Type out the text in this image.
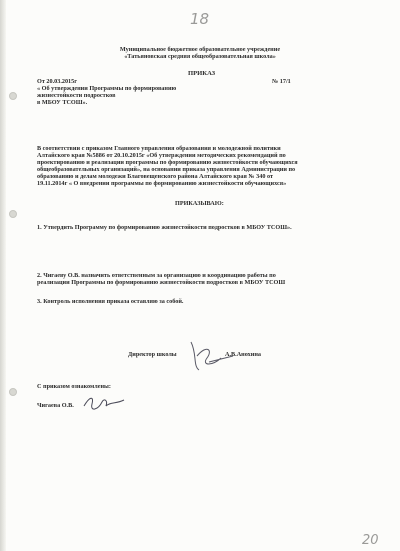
18
20
Муниципальное бюджетное образовательное учреждение
«Татьяновская средняя общеобразовательная школа»
ПРИКАЗ
От 20.03.2015г	№ 17/1
« Об утверждении Программы по формированию
жизнестойкости подростков
в МБОУ ТСОШ».
В соответствии с приказом Главного управления образования и молодежной политики
Алтайского края №5886 от 20.10.2015г «Об утверждении методических рекомендаций по
проектированию и реализации программы по формированию жизнестойкости обучающихся
общеобразовательных организаций», на основании приказа управления Администрации по
образованию и делам молодежи Благовещенского района Алтайского края № 340 от
19.11.2014г « О внедрении программы по формированию жизнестойкости обучающихся»
ПРИКАЗЫВАЮ:
1. Утвердить Программу по формированию жизнестойкости подростков в МБОУ ТСОШ».
2. Чигаеву О.В. назначить ответственным за организацию и координацию работы по
реализации Программы по формированию жизнестойкости подростков в МБОУ ТСОШ
3. Контроль исполнения приказа оставляю за собой.
Директор школы	А.В.Анохина
С приказом ознакомлены:
Чигаева О.В.
